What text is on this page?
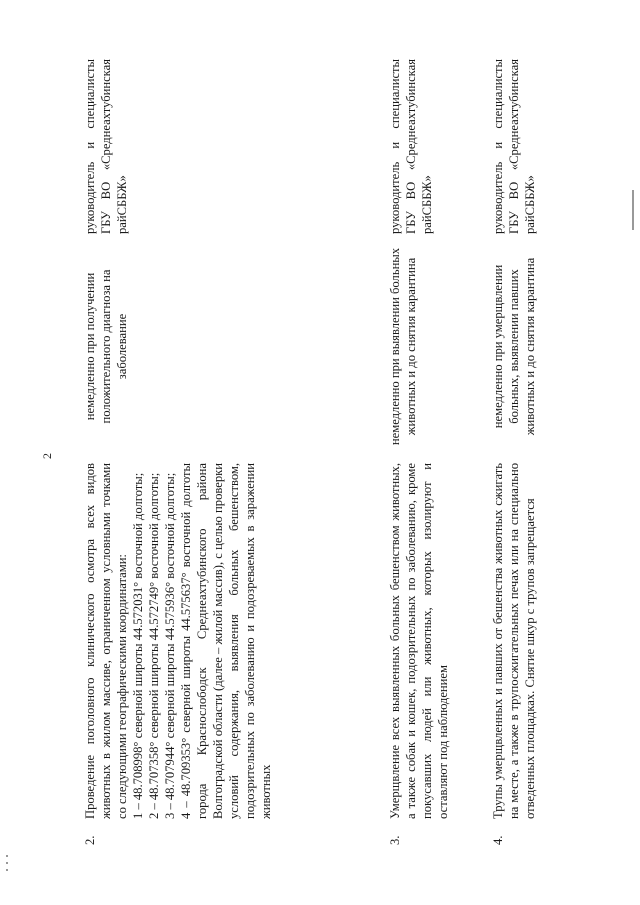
2
2.
Проведение поголовного клинического осмотра всех видов животных в жилом массиве, ограниченном условными точками со следующими географическими координатами: 1 – 48.708998° северной широты 44.572031° восточной долготы; 2 – 48.707358° северной широты 44.572749° восточной долготы; 3 – 48.707944° северной широты 44.575936° восточной долготы; 4 – 48.709353° северной широты 44.575637° восточной долготы города Краснослободск Среднеахтубинского района Волгоградской области (далее – жилой массив), с целью проверки условий содержания, выявления больных бешенством, подозрительных по заболеванию и подозреваемых в заражении животных
немедленно при получении положительного диагноза на заболевание
руководитель и специалисты ГБУ ВО «Среднеахтубинская райСББЖ»
3.
Умерщвление всех выявленных больных бешенством животных, а также собак и кошек, подозрительных по заболеванию, кроме покусавших людей или животных, которых изолируют и оставляют под наблюдением
немедленно при выявлении больных животных и до снятия карантина
руководитель и специалисты ГБУ ВО «Среднеахтубинская райСББЖ»
4.
Трупы умерщвленных и павших от бешенства животных сжигать на месте, а также в трупосжигательных печах или на специально отведенных площадках. Снятие шкур с трупов запрещается
немедленно при умерщвлении больных, выявлении павших животных и до снятия карантина
руководитель и специалисты ГБУ ВО «Среднеахтубинская райСББЖ»
